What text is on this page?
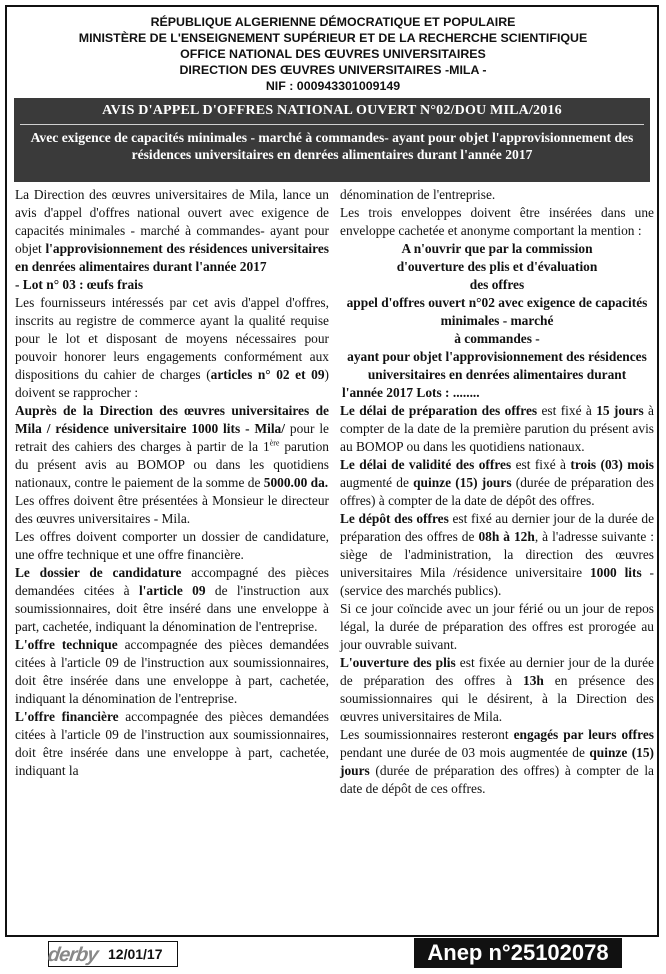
RÉPUBLIQUE ALGERIENNE DÉMOCRATIQUE ET POPULAIRE
MINISTÈRE DE L'ENSEIGNEMENT SUPÉRIEUR ET DE LA RECHERCHE SCIENTIFIQUE
OFFICE NATIONAL DES ŒUVRES UNIVERSITAIRES
DIRECTION DES ŒUVRES UNIVERSITAIRES -MILA -
NIF : 000943301009149
AVIS D'APPEL D'OFFRES NATIONAL OUVERT N°02/DOU MILA/2016
Avec exigence de capacités minimales - marché à commandes- ayant pour objet l'approvisionnement des résidences universitaires en denrées alimentaires durant l'année 2017

La Direction des œuvres universitaires de Mila, lance un avis d'appel d'offres national ouvert avec exigence de capacités minimales - marché à commandes- ayant pour objet l'approvisionnement des résidences universitaires en denrées alimentaires durant l'année 2017

- Lot n° 03 : œufs frais

Les fournisseurs intéressés par cet avis d'appel d'offres, inscrits au registre de commerce ayant la qualité requise pour le lot et disposant de moyens nécessaires pour pouvoir honorer leurs engagements conformément aux dispositions du cahier de charges (articles n° 02 et 09) doivent se rapprocher :

Auprès de la Direction des œuvres universitaires de Mila / résidence universitaire 1000 lits - Mila/ pour le retrait des cahiers des charges à partir de la 1ère parution du présent avis au BOMOP ou dans les quotidiens nationaux, contre le paiement de la somme de 5000.00 da.

Les offres doivent être présentées à Monsieur le directeur des œuvres universitaires - Mila.

Les offres doivent comporter un dossier de candidature, une offre technique et une offre financière.

Le dossier de candidature accompagné des pièces demandées citées à l'article 09 de l'instruction aux soumissionnaires, doit être inséré dans une enveloppe à part, cachetée, indiquant la dénomination de l'entreprise.

L'offre technique accompagnée des pièces demandées citées à l'article 09 de l'instruction aux soumissionnaires, doit être insérée dans une enveloppe à part, cachetée, indiquant la dénomination de l'entreprise.

L'offre financière accompagnée des pièces demandées citées à l'article 09 de l'instruction aux soumissionnaires, doit être insérée dans une enveloppe à part, cachetée, indiquant la

dénomination de l'entreprise.

Les trois enveloppes doivent être insérées dans une enveloppe cachetée et anonyme comportant la mention :

A n'ouvrir que par la commission
d'ouverture des plis et d'évaluation
des offres
appel d'offres ouvert n°02 avec exigence de capacités minimales - marché
à commandes -
ayant pour objet l'approvisionnement des résidences universitaires en denrées alimentaires durant
l'année 2017 Lots : ........

Le délai de préparation des offres est fixé à 15 jours à compter de la date de la première parution du présent avis au BOMOP ou dans les quotidiens nationaux.

Le délai de validité des offres est fixé à trois (03) mois augmenté de quinze (15) jours (durée de préparation des offres) à compter de la date de dépôt des offres.

Le dépôt des offres est fixé au dernier jour de la durée de préparation des offres de 08h à 12h, à l'adresse suivante : siège de l'administration, la direction des œuvres universitaires Mila /résidence universitaire 1000 lits - (service des marchés publics).

Si ce jour coïncide avec un jour férié ou un jour de repos légal, la durée de préparation des offres est prorogée au jour ouvrable suivant.

L'ouverture des plis est fixée au dernier jour de la durée de préparation des offres à 13h en présence des soumissionnaires qui le désirent, à la Direction des œuvres universitaires de Mila.

Les soumissionnaires resteront engagés par leurs offres pendant une durée de 03 mois augmentée de quinze (15) jours (durée de préparation des offres) à compter de la date de dépôt de ces offres.

derby 12/01/17	Anep n°25102078
